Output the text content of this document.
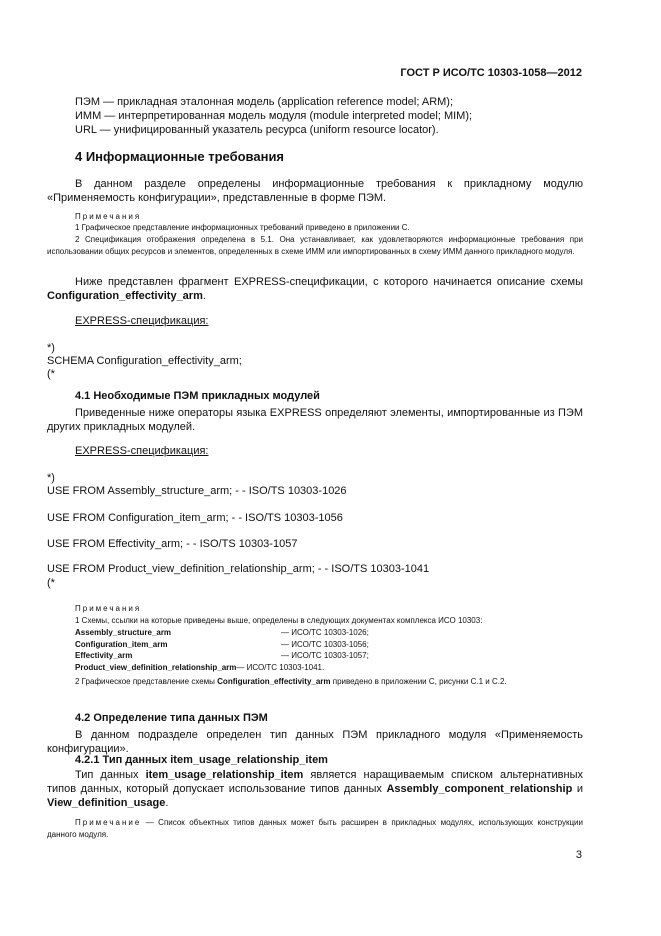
ГОСТ Р ИСО/ТС 10303-1058—2012
ПЭМ — прикладная эталонная модель (application reference model; ARM);
ИММ — интерпретированная модель модуля (module interpreted model; MIM);
URL — унифицированный указатель ресурса (uniform resource locator).
4 Информационные требования
В данном разделе определены информационные требования к прикладному модулю «Применяемость конфигурации», представленные в форме ПЭМ.
Примечания
1 Графическое представление информационных требований приведено в приложении С.
2 Спецификация отображения определена в 5.1. Она устанавливает, как удовлетворяются информационные требования при использовании общих ресурсов и элементов, определенных в схеме ИММ или импортированных в схему ИММ данного прикладного модуля.
Ниже представлен фрагмент EXPRESS-спецификации, с которого начинается описание схемы Configuration_effectivity_arm.
EXPRESS-спецификация:
*)
SCHEMA Configuration_effectivity_arm;
(*
4.1 Необходимые ПЭМ прикладных модулей
Приведенные ниже операторы языка EXPRESS определяют элементы, импортированные из ПЭМ других прикладных модулей.
EXPRESS-спецификация:
*)
USE FROM Assembly_structure_arm; - - ISO/TS 10303-1026
USE FROM Configuration_item_arm; - - ISO/TS 10303-1056
USE FROM Effectivity_arm; - - ISO/TS 10303-1057
USE FROM Product_view_definition_relationship_arm; - - ISO/TS 10303-1041
(*
Примечания
1 Схемы, ссылки на которые приведены выше, определены в следующих документах комплекса ИСО 10303:
Assembly_structure_arm	— ИСО/ТС 10303-1026;
Configuration_item_arm	— ИСО/ТС 10303-1056;
Effectivity_arm	— ИСО/ТС 10303-1057;
Product_view_definition_relationship_arm — ИСО/ТС 10303-1041.
2 Графическое представление схемы Configuration_effectivity_arm приведено в приложении С, рисунки С.1 и С.2.
4.2 Определение типа данных ПЭМ
В данном подразделе определен тип данных ПЭМ прикладного модуля «Применяемость конфигурации».
4.2.1 Тип данных item_usage_relationship_item
Тип данных item_usage_relationship_item является наращиваемым списком альтернативных типов данных, который допускает использование типов данных Assembly_component_relationship и View_definition_usage.
Примечание — Список объектных типов данных может быть расширен в прикладных модулях, использующих конструкции данного модуля.
3
